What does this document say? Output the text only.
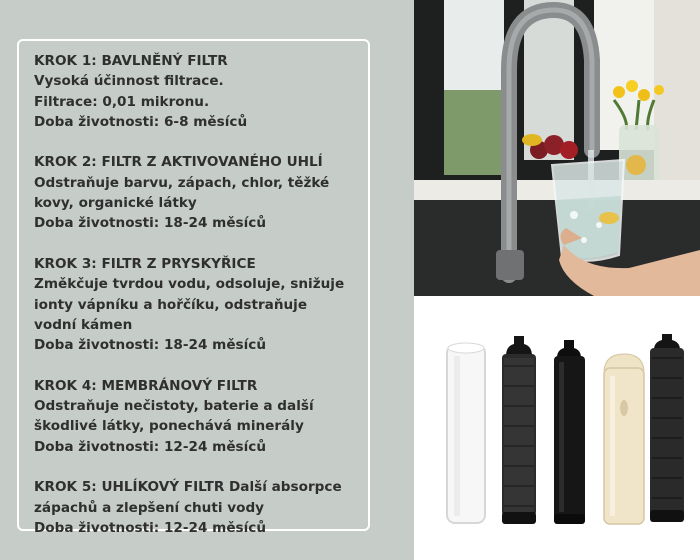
KROK 1: BAVLNĚNÝ FILTR
Vysoká účinnost filtrace.
Filtrace: 0,01 mikronu.
Doba životnosti: 6-8 měsíců
KROK 2: FILTR Z AKTIVOVANÉHO UHLÍ
Odstraňuje barvu, zápach, chlor, těžké
kovy, organické látky
Doba životnosti: 18-24 měsíců
KROK 3: FILTR Z PRYSKYŘICE
Změkčuje tvrdou vodu, odsoluje, snižuje
ionty vápníku a hořčíku, odstraňuje
vodní kámen
Doba životnosti: 18-24 měsíců
KROK 4: MEMBRÁNOVÝ FILTR
Odstraňuje nečistoty, baterie a další
škodlivé látky, ponechává minerály
Doba životnosti: 12-24 měsíců
KROK 5: UHLÍKOVÝ FILTR Další absorpce
zápachů a zlepšení chuti vody
Doba životnosti: 12-24 měsíců
